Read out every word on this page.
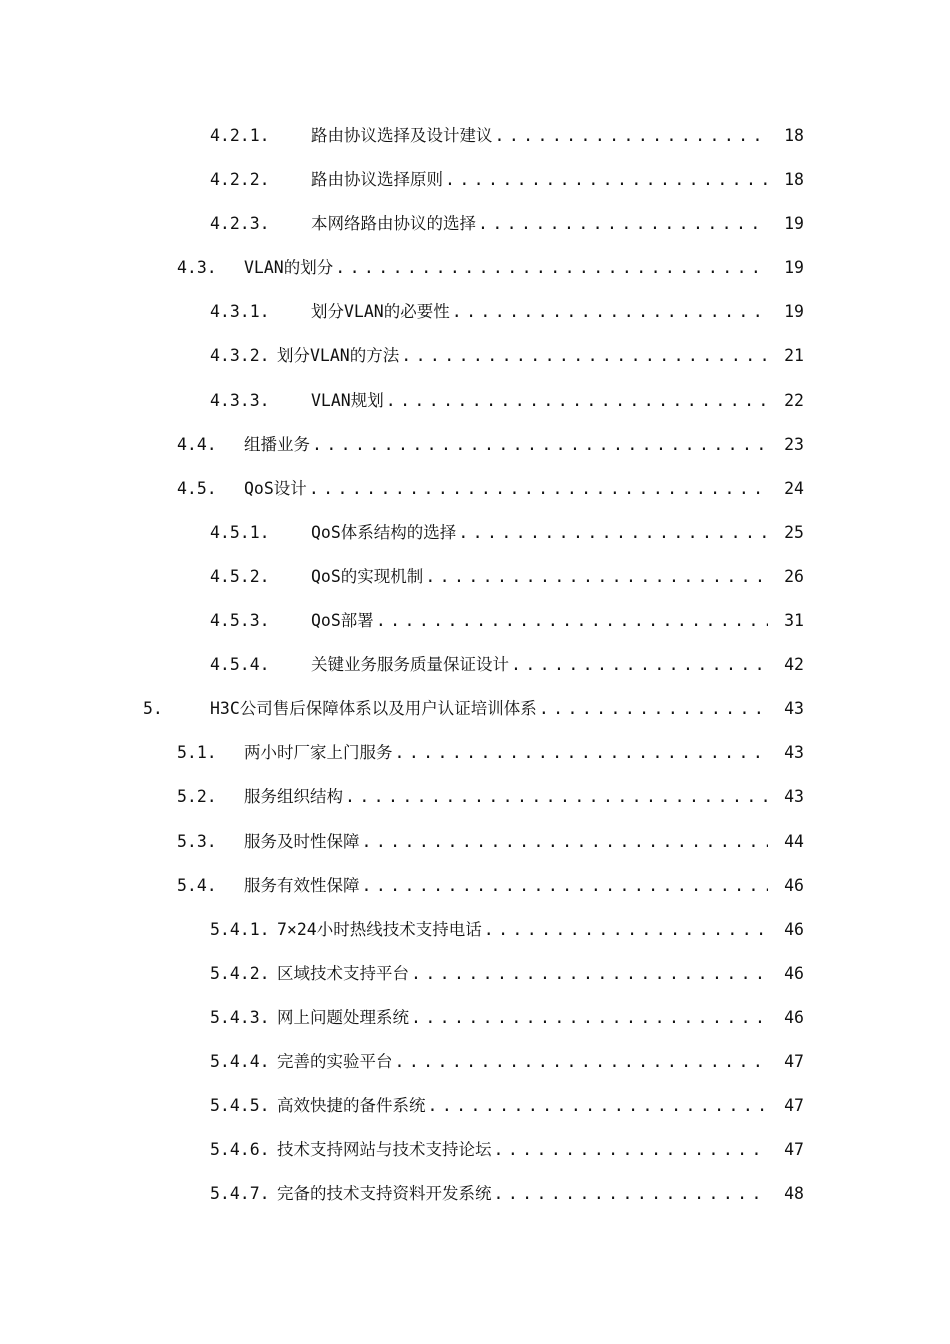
4.2.1.	路由协议选择及设计建议 .....	18
4.2.2.	路由协议选择原则 .....	18
4.2.3.	本网络路由协议的选择 .....	19
4.3. VLAN的划分 .....	19
4.3.1.	划分VLAN的必要性 .....	19
4.3.2. 划分VLAN的方法 .....	21
4.3.3.	VLAN规划 .....	22
4.4. 组播业务 .....	23
4.5. QoS设计 .....	24
4.5.1.	QoS体系结构的选择 .....	25
4.5.2.	QoS的实现机制 .....	26
4.5.3.	QoS部署 .....	31
4.5.4.	关键业务服务质量保证设计 .....	42
5.	H3C公司售后保障体系以及用户认证培训体系 .....	43
5.1. 两小时厂家上门服务 .....	43
5.2. 服务组织结构 .....	43
5.3. 服务及时性保障 .....	44
5.4. 服务有效性保障 .....	46
5.4.1. 7×24小时热线技术支持电话 .....	46
5.4.2. 区域技术支持平台 .....	46
5.4.3. 网上问题处理系统 .....	46
5.4.4. 完善的实验平台 .....	47
5.4.5. 高效快捷的备件系统 .....	47
5.4.6. 技术支持网站与技术支持论坛 .....	47
5.4.7. 完备的技术支持资料开发系统 .....	48
